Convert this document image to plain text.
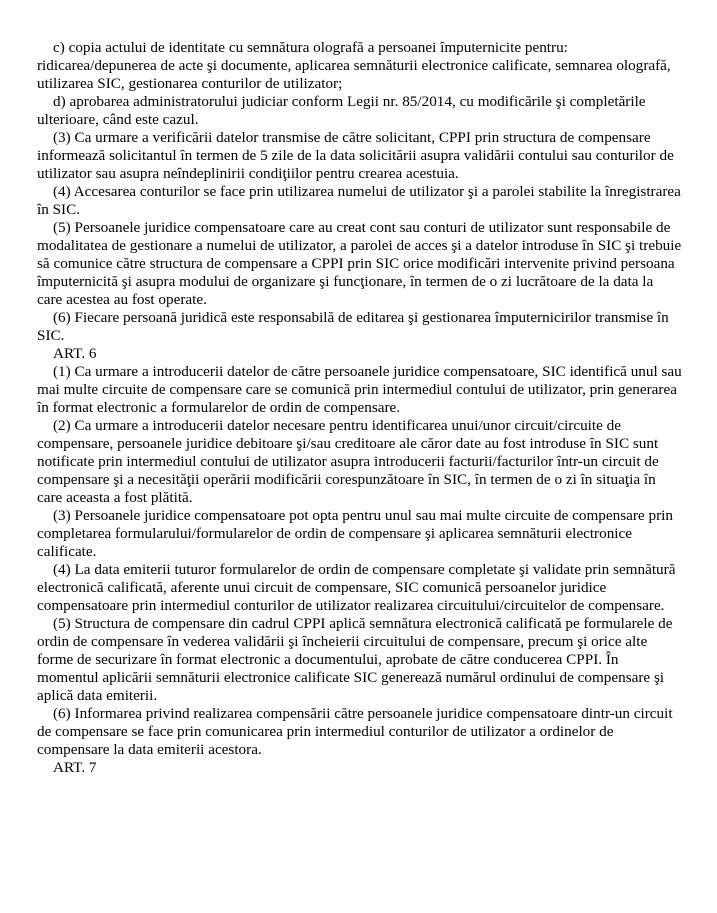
c) copia actului de identitate cu semnătura olografă a persoanei împuternicite pentru: ridicarea/depunerea de acte şi documente, aplicarea semnăturii electronice calificate, semnarea olografă, utilizarea SIC, gestionarea conturilor de utilizator;

d) aprobarea administratorului judiciar conform Legii nr. 85/2014, cu modificările şi completările ulterioare, când este cazul.

(3) Ca urmare a verificării datelor transmise de către solicitant, CPPI prin structura de compensare informează solicitantul în termen de 5 zile de la data solicitării asupra validării contului sau conturilor de utilizator sau asupra neîndeplinirii condiţiilor pentru crearea acestuia.

(4) Accesarea conturilor se face prin utilizarea numelui de utilizator şi a parolei stabilite la înregistrarea în SIC.

(5) Persoanele juridice compensatoare care au creat cont sau conturi de utilizator sunt responsabile de modalitatea de gestionare a numelui de utilizator, a parolei de acces şi a datelor introduse în SIC şi trebuie să comunice către structura de compensare a CPPI prin SIC orice modificări intervenite privind persoana împuternicită şi asupra modului de organizare şi funcţionare, în termen de o zi lucrătoare de la data la care acestea au fost operate.

(6) Fiecare persoană juridică este responsabilă de editarea şi gestionarea împuternicirilor transmise în SIC.

ART. 6

(1) Ca urmare a introducerii datelor de către persoanele juridice compensatoare, SIC identifică unul sau mai multe circuite de compensare care se comunică prin intermediul contului de utilizator, prin generarea în format electronic a formularelor de ordin de compensare.

(2) Ca urmare a introducerii datelor necesare pentru identificarea unui/unor circuit/circuite de compensare, persoanele juridice debitoare şi/sau creditoare ale căror date au fost introduse în SIC sunt notificate prin intermediul contului de utilizator asupra introducerii facturii/facturilor într-un circuit de compensare şi a necesităţii operării modificării corespunzătoare în SIC, în termen de o zi în situaţia în care aceasta a fost plătită.

(3) Persoanele juridice compensatoare pot opta pentru unul sau mai multe circuite de compensare prin completarea formularului/formularelor de ordin de compensare şi aplicarea semnăturii electronice calificate.

(4) La data emiterii tuturor formularelor de ordin de compensare completate şi validate prin semnătură electronică calificată, aferente unui circuit de compensare, SIC comunică persoanelor juridice compensatoare prin intermediul conturilor de utilizator realizarea circuitului/circuitelor de compensare.

(5) Structura de compensare din cadrul CPPI aplică semnătura electronică calificată pe formularele de ordin de compensare în vederea validării şi încheierii circuitului de compensare, precum şi orice alte forme de securizare în format electronic a documentului, aprobate de către conducerea CPPI. În momentul aplicării semnăturii electronice calificate SIC generează numărul ordinului de compensare şi aplică data emiterii.

(6) Informarea privind realizarea compensării către persoanele juridice compensatoare dintr-un circuit de compensare se face prin comunicarea prin intermediul conturilor de utilizator a ordinelor de compensare la data emiterii acestora.

ART. 7
